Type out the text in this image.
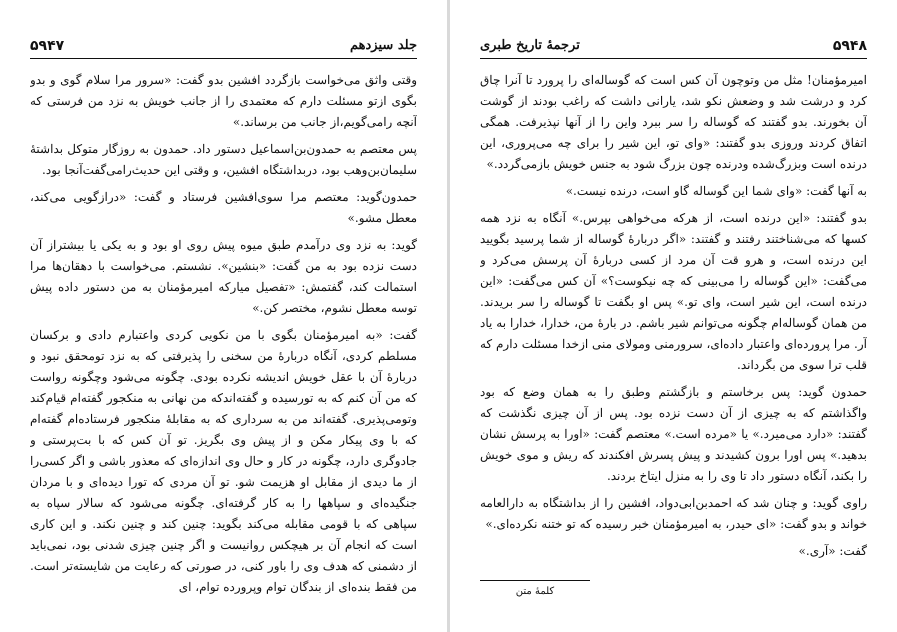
جلد سیزدهم
۵۹۴۷

وقتی واثق می‌خواست بازگردد افشین بدو گفت: «سرور مرا سلام گوی و بدو بگوی ازتو مسئلت دارم که معتمدی را از جانب خویش به نزد من فرستی که آنچه رامی‌گویم،از جانب من برساند.»

پس معتصم به حمدون‌بن‌اسماعیل دستور داد. حمدون به روزگار متوکل بداشتهٔ سلیمان‌بن‌وهب بود، دربداشتگاه افشین، و وقتی این حدیث‌رامی‌گفت‌آنجا بود.

حمدون‌گوید: معتصم مرا سوی‌افشین فرستاد و گفت: «درازگویی می‌کند، معطل مشو.»

گوید: به نزد وی درآمدم طبق میوه پیش روی او بود و به یکی یا بیشتراز آن دست نزده بود به من گفت: «بنشین». نشستم. می‌خواست با دهقان‌ها مرا استمالت کند، گفتمش: «تفصیل میارکه امیرمؤمنان به من دستور داده پیش توسه معطل نشوم، مختصر کن.»

گفت: «به امیرمؤمنان بگوی با من نکویی کردی واعتبارم دادی و برکسان مسلطم کردی، آنگاه دربارهٔ من سخنی را پذیرفتی که به نزد تومحقق نبود و دربارهٔ آن با عقل خویش اندیشه نکرده بودی. چگونه می‌شود وچگونه رواست که من آن کنم که به تورسیده و گفته‌اندکه من نهانی به منکجور گفته‌ام قیام‌کند وتومی‌پذیری. گفته‌اند من به سرداری که به مقابلهٔ منکجور فرستاده‌ام گفته‌ام که با وی پیکار مکن و از پیش وی بگریز. تو آن کس که با بت‌پرستی و جادوگری دارد، چگونه در کار و حال وی اندازه‌ای که معذور باشی و اگر کسی‌را از ما دیدی از مقابل او هزیمت شو. تو آن مردی که تورا دیده‌ای و با مردان جنگیده‌ای و سپاهها را به کار گرفته‌ای. چگونه می‌شود که سالار سپاه به سپاهی که با قومی مقابله می‌کند بگوید: چنین کند و چنین نکند. و این کاری است که انجام آن بر هیچکس روانیست و اگر چنین چیزی شدنی بود، نمی‌باید از دشمنی که هدف وی را باور کنی، در صورتی که رعایت من شایسته‌تر است. من فقط بنده‌ای از بندگان توام وپرورده توام، ای

ترجمهٔ تاریخ طبری	۵۹۴۸

امیرمؤمنان! مثل من وتوچون آن کس است که گوساله‌ای را پرورد تا آنرا چاق کرد و درشت شد و وضعش نکو شد، یارانی داشت که راغب بودند از گوشت آن بخورند. بدو گفتند که گوساله را سر ببرد واین را از آنها نپذیرفت. همگی اتفاق کردند وروزی بدو گفتند: «وای تو، این شیر را برای چه می‌پروری، این درنده است وبزرگ‌شده ودرنده چون بزرگ شود به جنس خویش بازمی‌گردد.»

به آنها گفت: «وای شما این گوساله گاو است، درنده نیست.»

بدو گفتند: «این درنده است، از هرکه می‌خواهی بپرس.» آنگاه به نزد همه کسها که می‌شناختند رفتند و گفتند: «اگر دربارهٔ گوساله از شما پرسید بگویید این درنده است، و هرو قت آن مرد از کسی دربارهٔ آن پرسش می‌کرد و می‌گفت: «این گوساله را می‌بینی که چه نیکوست؟» آن کس می‌گفت: «این درنده است، این شیر است، وای تو.» پس او بگفت تا گوساله را سر بریدند. من همان گوساله‌ام چگونه می‌توانم شیر باشم. در بارهٔ من، خدارا، خدارا به یاد آر. مرا پرورده‌ای واعتبار داده‌ای، سرورمنی ومولای منی ازخدا مسئلت دارم که قلب ترا سوی من بگرداند.

حمدون گوید: پس برخاستم و بازگشتم وطبق را به همان وضع که بود واگذاشتم که به چیزی از آن دست نزده بود. پس از آن چیزی نگذشت که گفتند: «دارد می‌میرد.» یا «مرده است.» معتصم گفت: «اورا به پرسش نشان بدهید.» پس اورا برون کشیدند و پیش پسرش افکندند که ریش و موی خویش را بکند، آنگاه دستور داد تا وی را به منزل ایتاخ بردند.

راوی گوید: و چنان شد که احمدبن‌ابی‌دواد، افشین را از بداشتگاه به دارالعامه خواند و بدو گفت: «ای حیدر، به امیرمؤمنان خبر رسیده که تو ختنه نکرده‌ای.»

گفت: «آری.»

کلمهٔ متن
